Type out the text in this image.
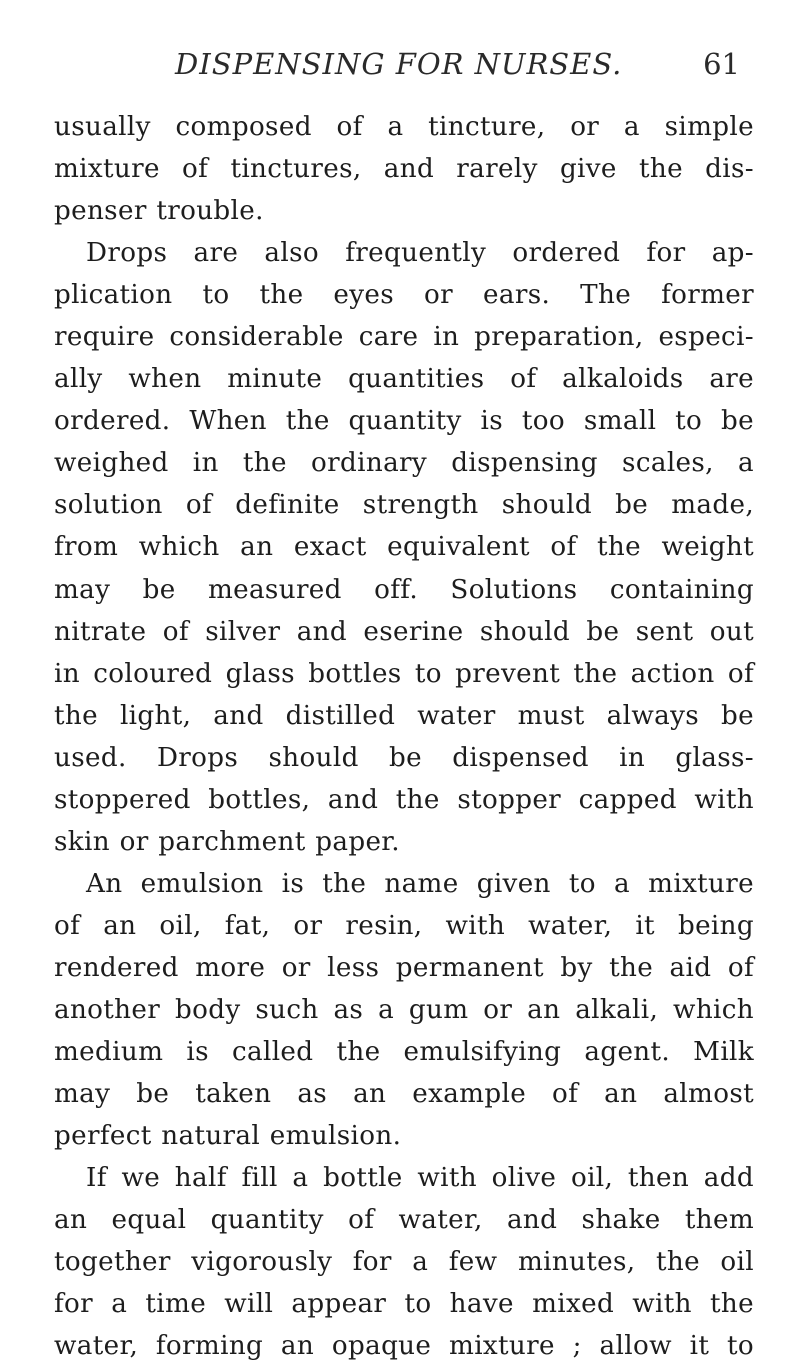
DISPENSING FOR NURSES.	61
usually composed of a tincture, or a simple
mixture of tinctures, and rarely give the dis-
penser trouble.
Drops are also frequently ordered for ap-
plication to the eyes or ears. The former
require considerable care in preparation, especi-
ally when minute quantities of alkaloids are
ordered. When the quantity is too small to be
weighed in the ordinary dispensing scales, a
solution of definite strength should be made,
from which an exact equivalent of the weight
may be measured off. Solutions containing
nitrate of silver and eserine should be sent out
in coloured glass bottles to prevent the action of
the light, and distilled water must always be
used. Drops should be dispensed in glass-
stoppered bottles, and the stopper capped with
skin or parchment paper.
An emulsion is the name given to a mixture
of an oil, fat, or resin, with water, it being
rendered more or less permanent by the aid of
another body such as a gum or an alkali, which
medium is called the emulsifying agent. Milk
may be taken as an example of an almost
perfect natural emulsion.
If we half fill a bottle with olive oil, then add
an equal quantity of water, and shake them
together vigorously for a few minutes, the oil
for a time will appear to have mixed with the
water, forming an opaque mixture ; allow it to
